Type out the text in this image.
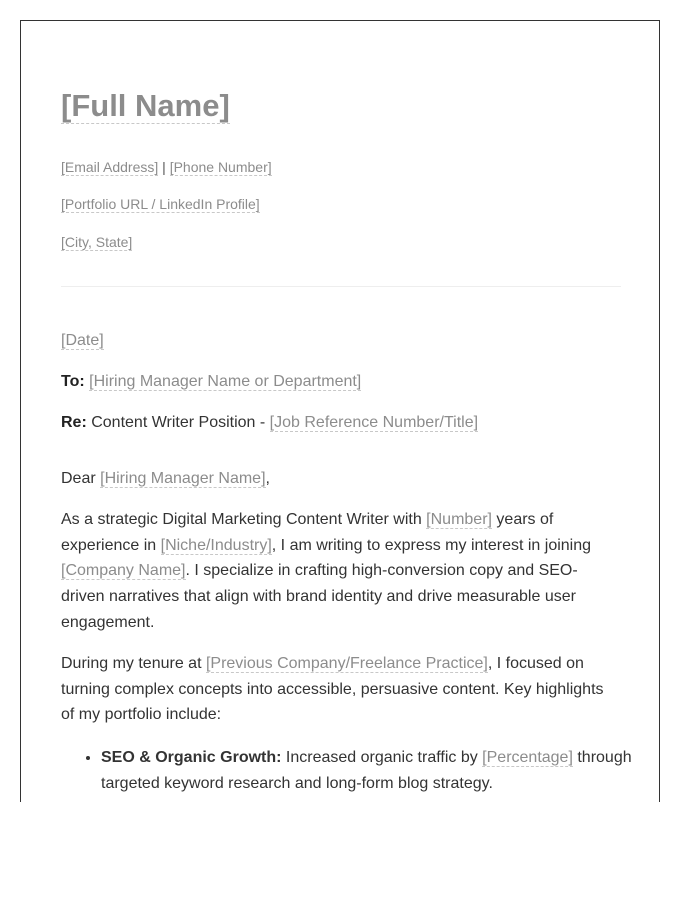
[Full Name]
[Email Address] | [Phone Number]
[Portfolio URL / LinkedIn Profile]
[City, State]
[Date]
To: [Hiring Manager Name or Department]
Re: Content Writer Position - [Job Reference Number/Title]
Dear [Hiring Manager Name],

As a strategic Digital Marketing Content Writer with [Number] years of experience in [Niche/Industry], I am writing to express my interest in joining [Company Name]. I specialize in crafting high-conversion copy and SEO-driven narratives that align with brand identity and drive measurable user engagement.

During my tenure at [Previous Company/Freelance Practice], I focused on turning complex concepts into accessible, persuasive content. Key highlights of my portfolio include:

• SEO & Organic Growth: Increased organic traffic by [Percentage] through targeted keyword research and long-form blog strategy.
